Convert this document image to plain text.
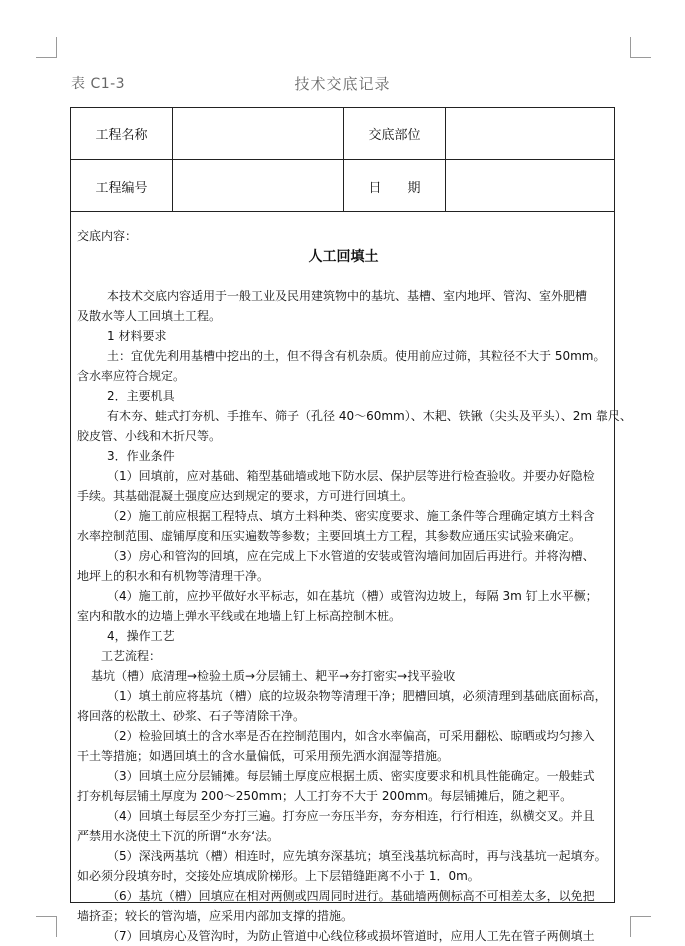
表 C1-3	技术交底记录
工程名称	交底部位
工程编号	日　　期
交底内容：
人工回填土
本技术交底内容适用于一般工业及民用建筑物中的基坑、基槽、室内地坪、管沟、室外肥槽
及散水等人工回填土工程。
1 材料要求
土：宜优先利用基槽中挖出的土，但不得含有机杂质。使用前应过筛，其粒径不大于 50mm。
含水率应符合规定。
2．主要机具
有木夯、蛙式打夯机、手推车、筛子（孔径 40～60mm）、木耙、铁锹（尖头及平头）、2m 靠尺、
胶皮管、小线和木折尺等。
3．作业条件
（1）回填前，应对基础、箱型基础墙或地下防水层、保护层等进行检查验收。并要办好隐检
手续。其基础混凝土强度应达到规定的要求，方可进行回填土。
（2）施工前应根据工程特点、填方土料种类、密实度要求、施工条件等合理确定填方土料含
水率控制范围、虚铺厚度和压实遍数等参数；主要回填土方工程，其参数应通压实试验来确定。
（3）房心和管沟的回填，应在完成上下水管道的安装或管沟墙间加固后再进行。并将沟槽、
地坪上的积水和有机物等清理干净。
（4）施工前，应抄平做好水平标志，如在基坑（槽）或管沟边坡上，每隔 3m 钉上水平橛；
室内和散水的边墙上弹水平线或在地墙上钉上标高控制木桩。
4，操作工艺
工艺流程：
基坑（槽）底清理→检验土质→分层铺土、耙平→夯打密实→找平验收
（1）填土前应将基坑（槽）底的垃圾杂物等清理干净；肥槽回填，必须清理到基础底面标高，
将回落的松散土、砂浆、石子等清除干净。
（2）检验回填土的含水率是否在控制范围内，如含水率偏高，可采用翻松、晾晒或均匀掺入
干土等措施；如遇回填土的含水量偏低，可采用预先洒水润湿等措施。
（3）回填土应分层铺摊。每层铺土厚度应根据土质、密实度要求和机具性能确定。一般蛙式
打夯机每层铺土厚度为 200～250mm；人工打夯不大于 200mm。每层铺摊后，随之耙平。
（4）回填土每层至少夯打三遍。打夯应一夯压半夯，夯夯相连，行行相连，纵横交叉。并且
严禁用水浇使土下沉的所谓“水夯‘法。
（5）深浅两基坑（槽）相连时，应先填夯深基坑；填至浅基坑标高时，再与浅基坑一起填夯。
如必须分段填夯时，交接处应填成阶梯形。上下层错缝距离不小于 1．0m。
（6）基坑（槽）回填应在相对两侧或四周同时进行。基础墙两侧标高不可相差太多，以免把
墙挤歪；较长的管沟墙，应采用内部加支撑的措施。
（7）回填房心及管沟时，为防止管道中心线位移或损坏管道时，应用人工先在管子两侧填土
